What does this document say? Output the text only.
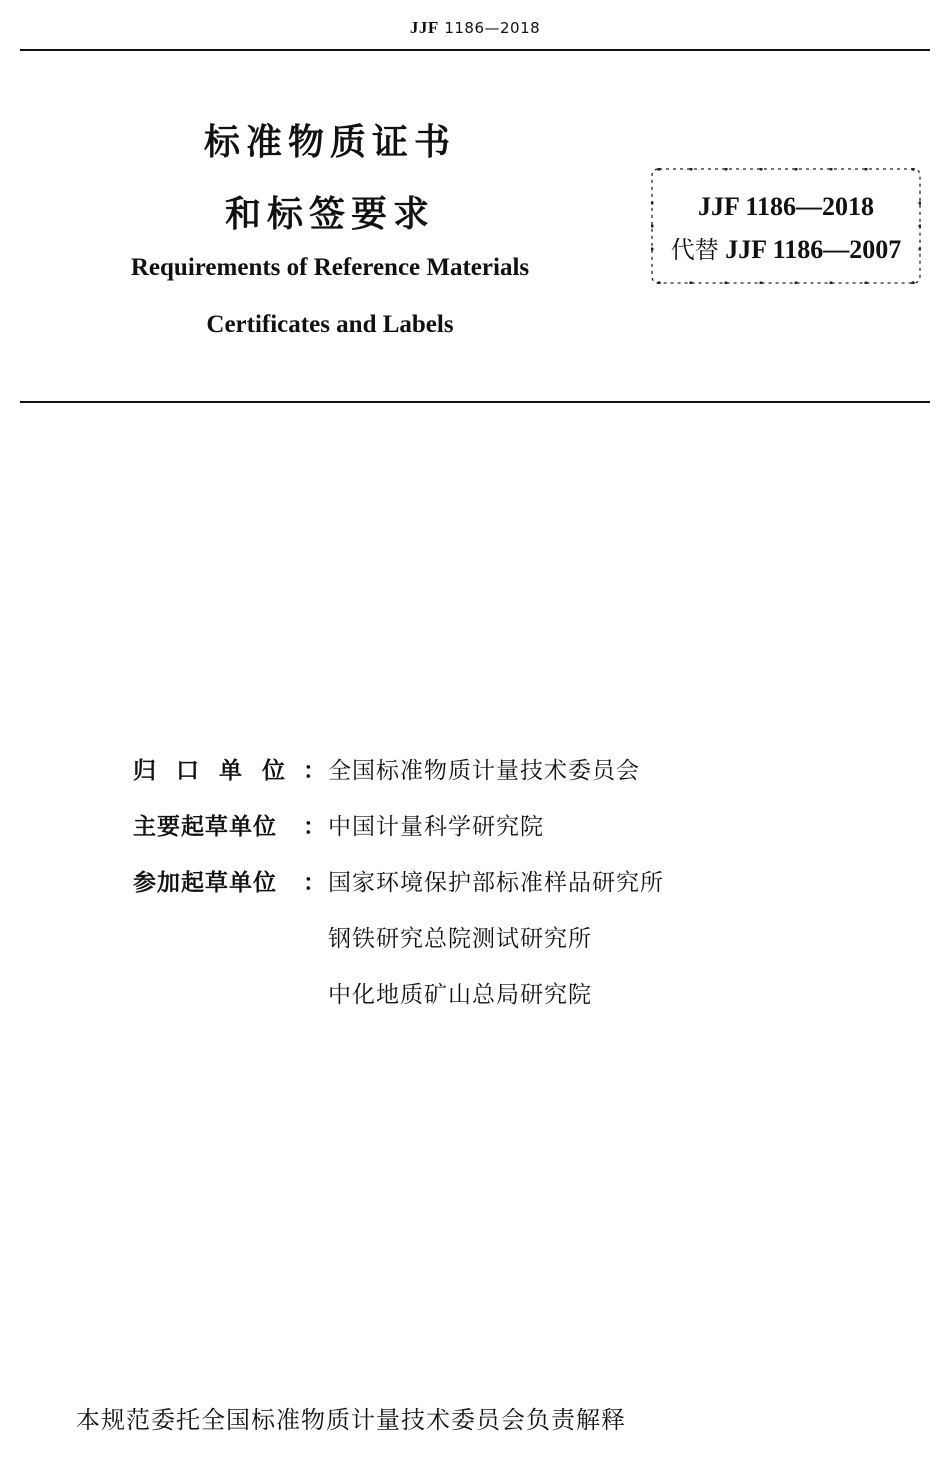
JJF 1186—2018
标准物质证书
和标签要求
Requirements of Reference Materials
Certificates and Labels
JJF 1186—2018
代替 JJF 1186—2007
归口单位
： 全国标准物质计量技术委员会
主要起草单位	： 中国计量科学研究院
参加起草单位	： 国家环境保护部标准样品研究所
钢铁研究总院测试研究所
中化地质矿山总局研究院
本规范委托全国标准物质计量技术委员会负责解释
